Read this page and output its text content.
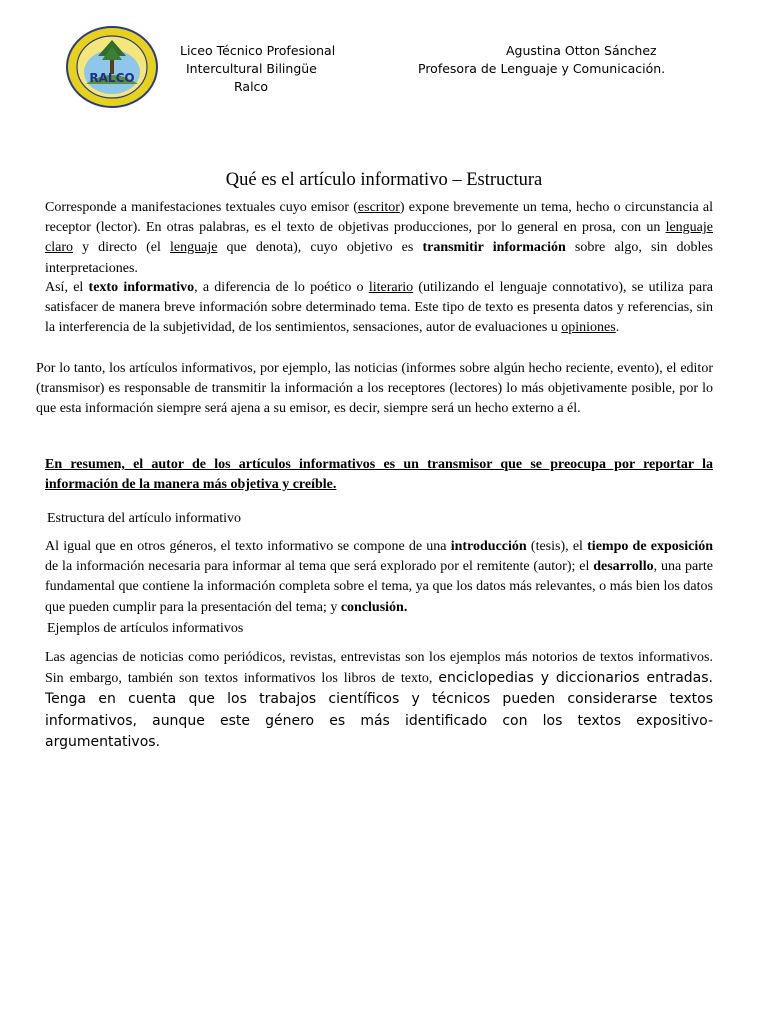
RALCO
Liceo Técnico Profesional
Intercultural Bilingüe
Ralco
Agustina Otton Sánchez
Profesora de Lenguaje y Comunicación.
Qué es el artículo informativo – Estructura

Corresponde a manifestaciones textuales cuyo emisor (escritor) expone brevemente un tema, hecho o circunstancia al receptor (lector). En otras palabras, es el texto de objetivas producciones, por lo general en prosa, con un lenguaje claro y directo (el lenguaje que denota), cuyo objetivo es transmitir información sobre algo, sin dobles interpretaciones.

Así, el texto informativo, a diferencia de lo poético o literario (utilizando el lenguaje connotativo), se utiliza para satisfacer de manera breve información sobre determinado tema. Este tipo de texto es presenta datos y referencias, sin la interferencia de la subjetividad, de los sentimientos, sensaciones, autor de evaluaciones u opiniones.

Por lo tanto, los artículos informativos, por ejemplo, las noticias (informes sobre algún hecho reciente, evento), el editor (transmisor) es responsable de transmitir la información a los receptores (lectores) lo más objetivamente posible, por lo que esta información siempre será ajena a su emisor, es decir, siempre será un hecho externo a él.

En resumen, el autor de los artículos informativos es un transmisor que se preocupa por reportar la información de la manera más objetiva y creíble.

Estructura del artículo informativo

Al igual que en otros géneros, el texto informativo se compone de una introducción (tesis), el tiempo de exposición de la información necesaria para informar al tema que será explorado por el remitente (autor); el desarrollo, una parte fundamental que contiene la información completa sobre el tema, ya que los datos más relevantes, o más bien los datos que pueden cumplir para la presentación del tema; y conclusión.

Ejemplos de artículos informativos

Las agencias de noticias como periódicos, revistas, entrevistas son los ejemplos más notorios de textos informativos. Sin embargo, también son textos informativos los libros de texto, enciclopedias y diccionarios entradas. Tenga en cuenta que los trabajos científicos y técnicos pueden considerarse textos informativos, aunque este género es más identificado con los textos expositivo-argumentativos.
